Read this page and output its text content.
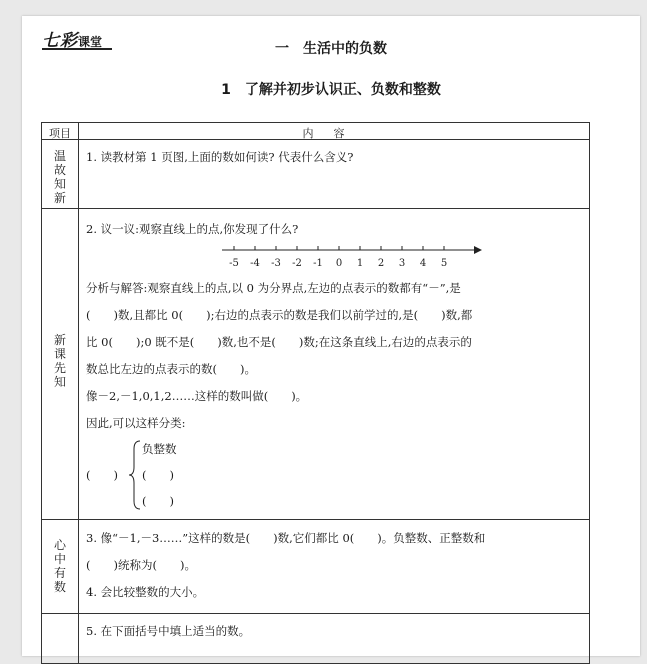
七彩课堂	一 生活中的负数
1 了解并初步认识正、负数和整数
项目	内容
温
故
知
新
1. 读教材第 1 页图,上面的数如何读? 代表什么含义?
新
课
先
知
2. 议一议:观察直线上的点,你发现了什么?
-5 -4 -3 -2 -1 0 1 2 3 4 5
分析与解答:观察直线上的点,以 0 为分界点,左边的点表示的数都有“－”,是
(　　)数,且都比 0(　　);右边的点表示的数是我们以前学过的,是(　　)数,都
比 0(　　);0 既不是(　　)数,也不是(　　)数;在这条直线上,右边的点表示的
数总比左边的点表示的数(　　)。
像－2,－1,0,1,2……这样的数叫做(　　)。
因此,可以这样分类:
(　　)
负整数
(　　)
(　　)
心
中
有
数
3. 像“－1,－3……”这样的数是(　　)数,它们都比 0(　　)。负整数、正整数和
(　　)统称为(　　)。
4. 会比较整数的大小。
5. 在下面括号中填上适当的数。
